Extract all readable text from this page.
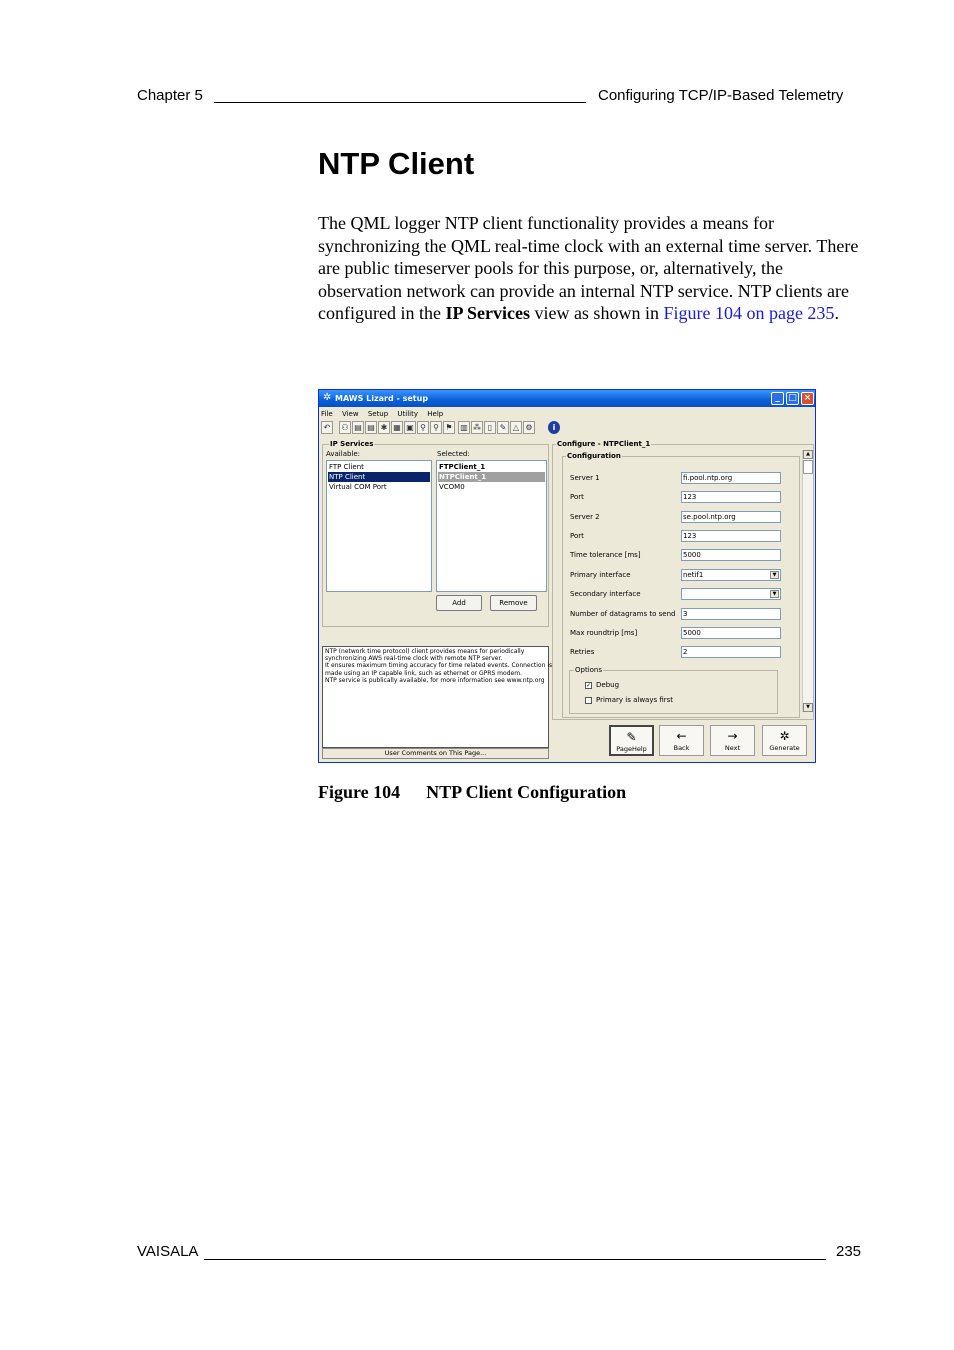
Chapter 5	Configuring TCP/IP-Based Telemetry
NTP Client
The QML logger NTP client functionality provides a means for synchronizing the QML real-time clock with an external time server. There are public timeserver pools for this purpose, or, alternatively, the observation network can provide an internal NTP service. NTP clients are configured in the IP Services view as shown in Figure 104 on page 235.
✲ MAWS Lizard - setup	_ □ ×
File View Setup Utility Help
↶	⚇ ▤ ▤ ✱ ▦ ▣ ⚲ ⚲ ⚑ ▥ ⁂ ▯ ✎ △ ⚙	i
IP Services
Available:	Selected:
FTP Client
NTP Client
Virtual COM Port
FTPClient_1
NTPClient_1
VCOM0
Add	Remove
NTP (network time protocol) client provides means for periodically
synchronizing AWS real-time clock with remote NTP server.
It ensures maximum timing accuracy for time related events. Connection is
made using an IP capable link, such as ethernet or GPRS modem.
NTP service is publically available, for more information see www.ntp.org
User Comments on This Page...
Configure - NTPClient_1
Configuration
Server 1	fi.pool.ntp.org
Port	123
Server 2	se.pool.ntp.org
Port	123
Time tolerance [ms]	5000
Primary interface	netif1	▼
Secondary interface	▼
Number of datagrams to send 3
Max roundtrip [ms]	5000
Retries	2
Options
✓ Debug
Primary is always first
▲
▼
✎
PageHelp
←
Back
→
Next
✲
Generate
Figure 104 NTP Client Configuration
VAISALA	235
